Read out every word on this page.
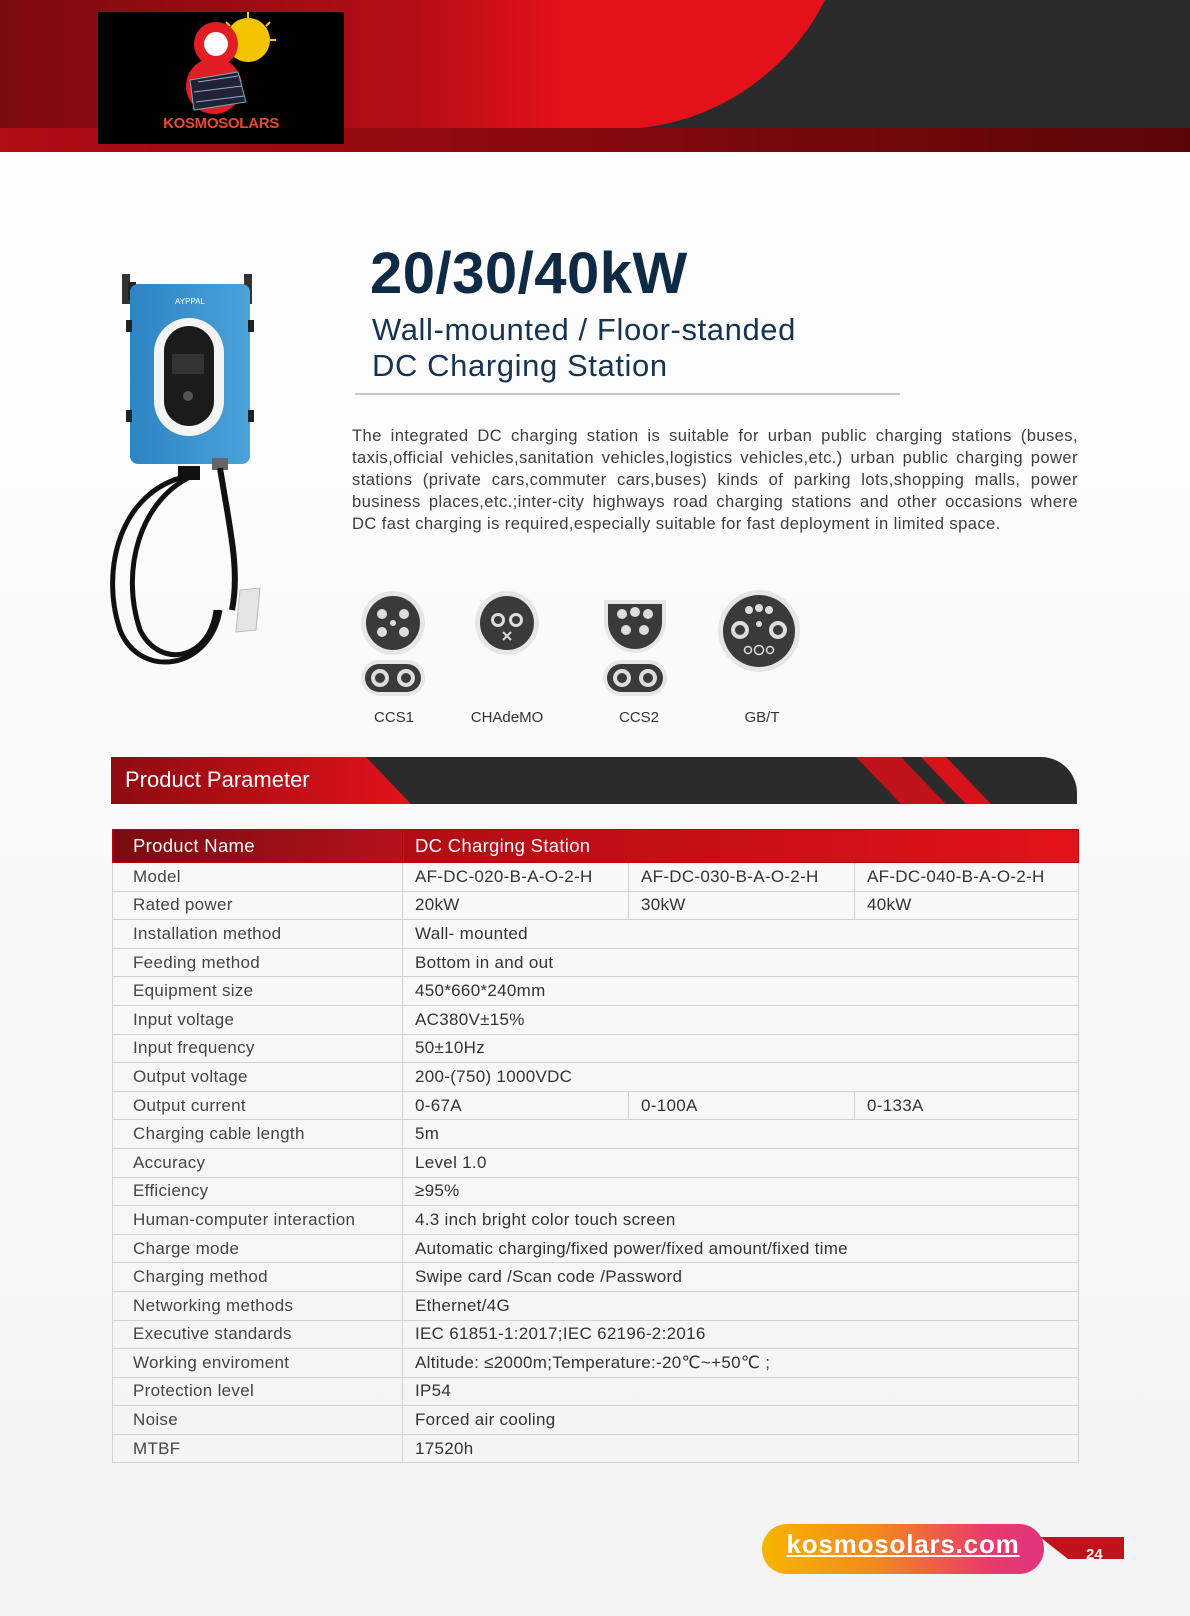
KOSMOSOLARS
AYPPAL	20/30/40kW
Wall-mounted / Floor-standed
DC Charging Station
The integrated DC charging station is suitable for urban public charging stations (buses, taxis,official vehicles,sanitation vehicles,logistics vehicles,etc.) urban public charging power stations (private cars,commuter cars,buses) kinds of parking lots,shopping malls, power business places,etc.;inter-city highways road charging stations and other occasions where DC fast charging is required,especially suitable for fast deployment in limited space.
CCS1	CHAdeMO	CCS2	GB/T
Product Parameter
Product Name	DC Charging Station		
Model	AF-DC-020-B-A-O-2-H	AF-DC-030-B-A-O-2-H	AF-DC-040-B-A-O-2-H
Rated power	20kW	30kW	40kW
Installation method	Wall- mounted		
Feeding method	Bottom in and out		
Equipment size	450*660*240mm		
Input voltage	AC380V±15%		
Input frequency	50±10Hz		
Output voltage	200-(750) 1000VDC		
Output current	0-67A	0-100A	0-133A
Charging cable length	5m		
Accuracy	Level 1.0		
Efficiency	≥95%		
Human-computer interaction	4.3 inch bright color touch screen		
Charge mode	Automatic charging/fixed power/fixed amount/fixed time		
Charging method	Swipe card /Scan code /Password		
Networking methods	Ethernet/4G		
Executive standards	IEC 61851-1:2017;IEC 62196-2:2016		
Working enviroment	Altitude: ≤2000m;Temperature:-20℃~+50℃ ;		
Protection level	IP54		
Noise	Forced air cooling		
MTBF	17520h		
kosmosolars.com	24
